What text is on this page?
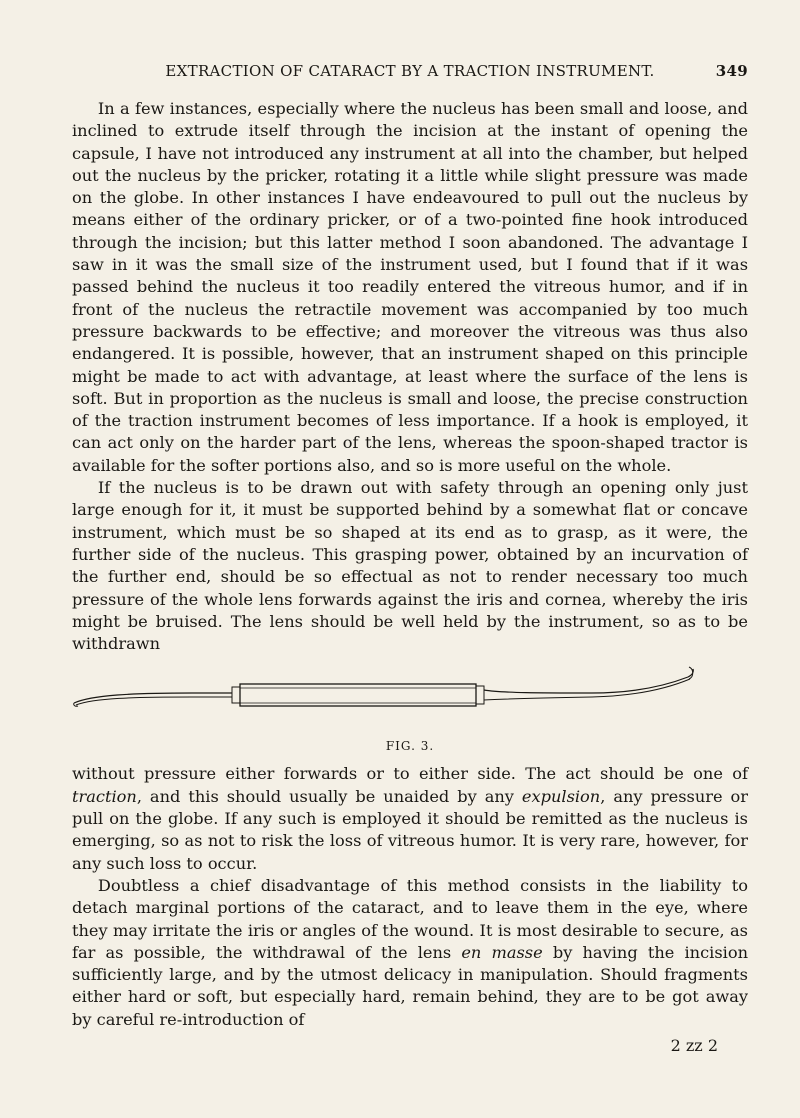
EXTRACTION OF CATARACT BY A TRACTION INSTRUMENT.	349

In a few instances, especially where the nucleus has been small and loose, and inclined to extrude itself through the incision at the instant of opening the capsule, I have not introduced any instrument at all into the chamber, but helped out the nucleus by the pricker, rotating it a little while slight pressure was made on the globe. In other instances I have endeavoured to pull out the nucleus by means either of the ordinary pricker, or of a two-pointed fine hook introduced through the incision; but this latter method I soon abandoned. The advantage I saw in it was the small size of the instrument used, but I found that if it was passed behind the nucleus it too readily entered the vitreous humor, and if in front of the nucleus the retractile movement was accompanied by too much pressure backwards to be effective; and moreover the vitreous was thus also endangered. It is possible, however, that an instrument shaped on this principle might be made to act with advantage, at least where the surface of the lens is soft. But in proportion as the nucleus is small and loose, the precise construction of the traction instrument becomes of less importance. If a hook is employed, it can act only on the harder part of the lens, whereas the spoon-shaped tractor is available for the softer portions also, and so is more useful on the whole.

If the nucleus is to be drawn out with safety through an opening only just large enough for it, it must be supported behind by a somewhat flat or concave instrument, which must be so shaped at its end as to grasp, as it were, the further side of the nucleus. This grasping power, obtained by an incurvation of the further end, should be so effectual as not to render necessary too much pressure of the whole lens forwards against the iris and cornea, whereby the iris might be bruised. The lens should be well held by the instrument, so as to be withdrawn

FIG. 3.

without pressure either forwards or to either side. The act should be one of traction, and this should usually be unaided by any expulsion, any pressure or pull on the globe. If any such is employed it should be remitted as the nucleus is emerging, so as not to risk the loss of vitreous humor. It is very rare, however, for any such loss to occur.

Doubtless a chief disadvantage of this method consists in the liability to detach marginal portions of the cataract, and to leave them in the eye, where they may irritate the iris or angles of the wound. It is most desirable to secure, as far as possible, the withdrawal of the lens en masse by having the incision sufficiently large, and by the utmost delicacy in manipulation. Should fragments either hard or soft, but especially hard, remain behind, they are to be got away by careful re-introduction of

2 zz 2
